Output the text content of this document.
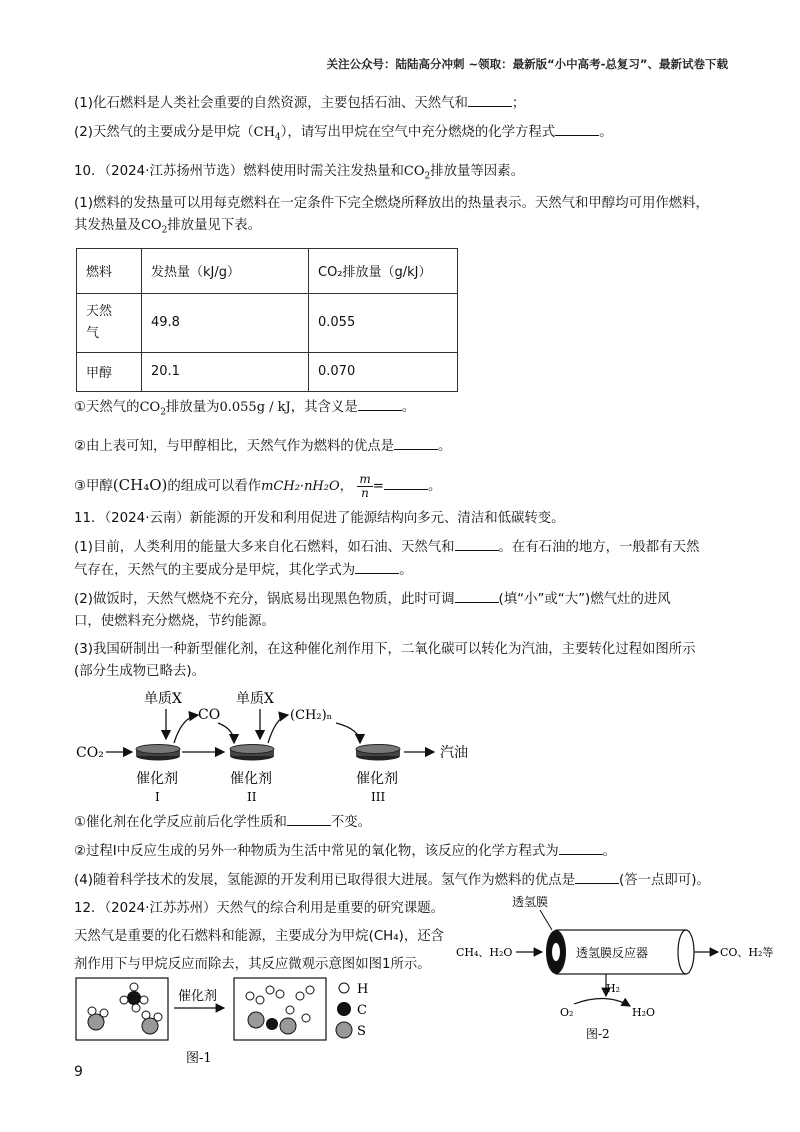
关注公众号：陆陆高分冲刺 ~领取：最新版“小中高考-总复习”、最新试卷下载

(1)化石燃料是人类社会重要的自然资源，主要包括石油、天然气和	；

(2)天然气的主要成分是甲烷$(CH_4)$，请写出甲烷在空气中充分燃烧的化学方程式	。

10．（2024·江苏扬州节选）燃料使用时需关注发热量和$CO_2$排放量等因素。

(1)燃料的发热量可以用每克燃料在一定条件下完全燃烧所释放出的热量表示。天然气和甲醇均可用作燃料，

其发热量及$CO_2$排放量见下表。

燃料	发热量（kJ/g）	CO₂排放量（g/kJ）
天然
气	49.8	0.055
甲醇	20.1	0.070

①天然气的$CO_2$排放量为0.055g / kJ，其含义是	。

②由上表可知，与甲醇相比，天然气作为燃料的优点是	。

③甲醇(CH₄O)的组成可以看作mCH₂·nH₂O， $\frac{m}{n}$ =	。

11．（2024·云南）新能源的开发和利用促进了能源结构向多元、清洁和低碳转变。

(1)目前，人类利用的能量大多来自化石燃料，如石油、天然气和	。在有石油的地方，一般都有天然

气存在，天然气的主要成分是甲烷，其化学式为	。

(2)做饭时，天然气燃烧不充分，锅底易出现黑色物质，此时可调	(填“小”或“大”)燃气灶的进风

口，使燃料充分燃烧，节约能源。

(3)我国研制出一种新型催化剂，在这种催化剂作用下，二氧化碳可以转化为汽油，主要转化过程如图所示

(部分生成物已略去)。

CO₂
催化剂
I
单质X
CO
催化剂
II
单质X
(CH₂)ₙ
催化剂
III
汽油

①催化剂在化学反应前后化学性质和	不变。

②过程Ⅰ中反应生成的另外一种物质为生活中常见的氧化物，该反应的化学方程式为	。

(4)随着科学技术的发展，氢能源的开发利用已取得很大进展。氢气作为燃料的优点是	(答一点即可)。

12．（2024·江苏苏州）天然气的综合利用是重要的研究课题。

天然气是重要的化石燃料和能源，主要成分为甲烷(CH₄)，还含

剂作用下与甲烷反应而除去，其反应微观示意图如图1所示。

催化剂	H
C
S
图-1
透氢膜
CH₄、H₂O	透氢膜反应器	CO、H₂等
H₂
O₂	H₂O
图-2
9
